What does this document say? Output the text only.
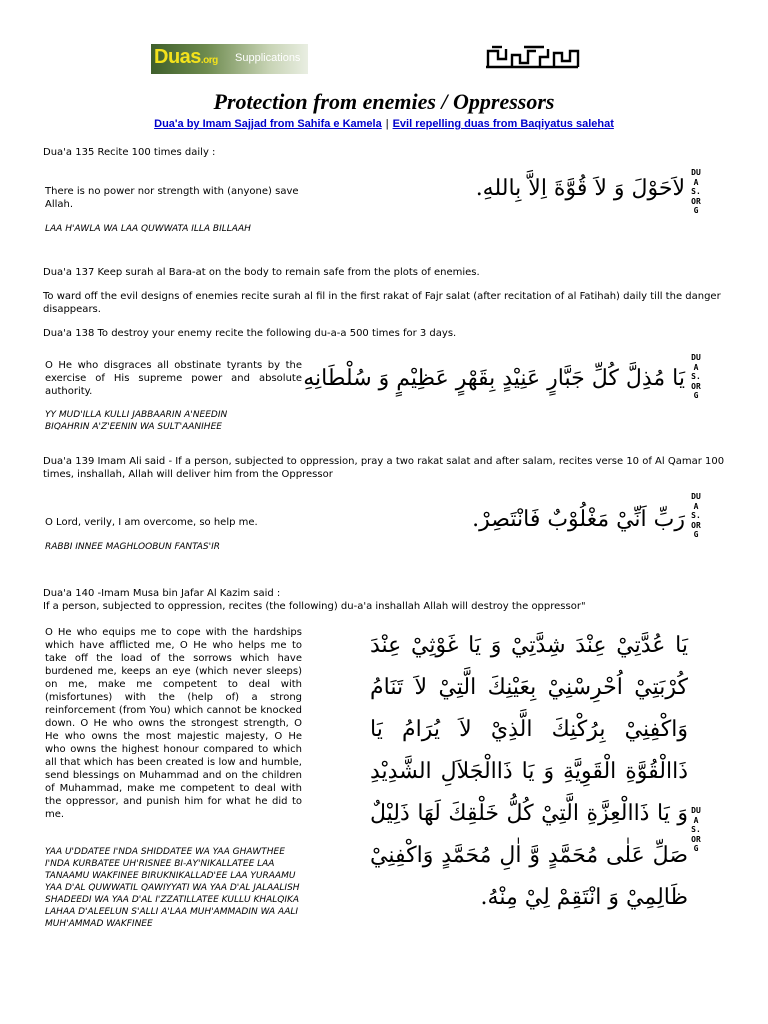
Duas.org Supplications
Protection from enemies / Oppressors
Dua'a by Imam Sajjad from Sahifa e Kamela | Evil repelling duas from Baqiyatus salehat
Dua'a 135 Recite 100 times daily :
There is no power nor strength with (anyone) save Allah.
LAA H'AWLA WA LAA QUWWATA ILLA BILLAAH
لاَحَوْلَ وَ لاَ قُوَّةَ اِلاَّ بِاللهِ.
DUAS.ORG
Dua'a 137 Keep surah al Bara-at on the body to remain safe from the plots of enemies.
To ward off the evil designs of enemies recite surah al fil in the first rakat of Fajr salat (after recitation of al Fatihah) daily till the danger disappears.
Dua'a 138 To destroy your enemy recite the following du-a-a 500 times for 3 days.
O He who disgraces all obstinate tyrants by the exercise of His supreme power and absolute authority.
YY MUD'ILLA KULLI JABBAARIN A'NEEDIN
BIQAHRIN A'Z'EENIN WA SULT'AANIHEE
يَا مُذِلَّ كُلِّ جَبَّارٍ عَنِيْدٍ بِقَهْرٍ عَظِيْمٍ وَ سُلْطَانِهِ
DUAS.ORG
Dua'a 139 Imam Ali said - If a person, subjected to oppression, pray a two rakat salat and after salam, recites verse 10 of Al Qamar 100 times, inshallah, Allah will deliver him from the Oppressor
O Lord, verily, I am overcome, so help me.
RABBI INNEE MAGHLOOBUN FANTAS'IR
رَبِّ اَنِّيْ مَغْلُوْبٌ فَانْتَصِرْ.
DUAS.ORG
Dua'a 140 -Imam Musa bin Jafar Al Kazim said :
If a person, subjected to oppression, recites (the following) du-a'a inshallah Allah will destroy the oppressor"
O He who equips me to cope with the hardships which have afflicted me, O He who helps me to take off the load of the sorrows which have burdened me, keeps an eye (which never sleeps) on me, make me competent to deal with (misfortunes) with the (help of) a strong reinforcement (from You) which cannot be knocked down. O He who owns the strongest strength, O He who owns the most majestic majesty, O He who owns the highest honour compared to which all that which has been created is low and humble, send blessings on Muhammad and on the children of Muhammad, make me competent to deal with the oppressor, and punish him for what he did to me.
YAA U'DDATEE I'NDA SHIDDATEE WA YAA GHAWTHEE I'NDA KURBATEE UH'RISNEE BI-AY'NIKALLATEE LAA TANAAMU WAKFINEE BIRUKNIKALLAD'EE LAA YURAAMU YAA D'AL QUWWATIL QAWIYYATI WA YAA D'AL JALAALISH SHADEEDI WA YAA D'AL I'ZZATILLATEE KULLU KHALQIKA LAHAA D'ALEELUN S'ALLI A'LAA MUH'AMMADIN WA AALI MUH'AMMAD WAKFINEE
يَا عُدَّتِيْ عِنْدَ شِدَّتِيْ وَ يَا غَوْثِيْ عِنْدَ كُرْبَتِيْ اُحْرِسْنِيْ بِعَيْنِكَ الَّتِيْ لاَ تَنَامُ وَاكْفِنِيْ بِرُكْنِكَ الَّذِيْ لاَ يُرَامُ يَا ذَاالْقُوَّةِ الْقَوِيَّةِ وَ يَا ذَاالْجَلاَلِ الشَّدِيْدِ وَ يَا ذَاالْعِزَّةِ الَّتِيْ كُلُّ خَلْقِكَ لَهَا ذَلِيْلٌ صَلِّ عَلٰى مُحَمَّدٍ وَّ اٰلِ مُحَمَّدٍ وَاكْفِنِيْ ظَالِمِيْ وَ انْتَقِمْ لِيْ مِنْهُ.
DUAS.ORG
